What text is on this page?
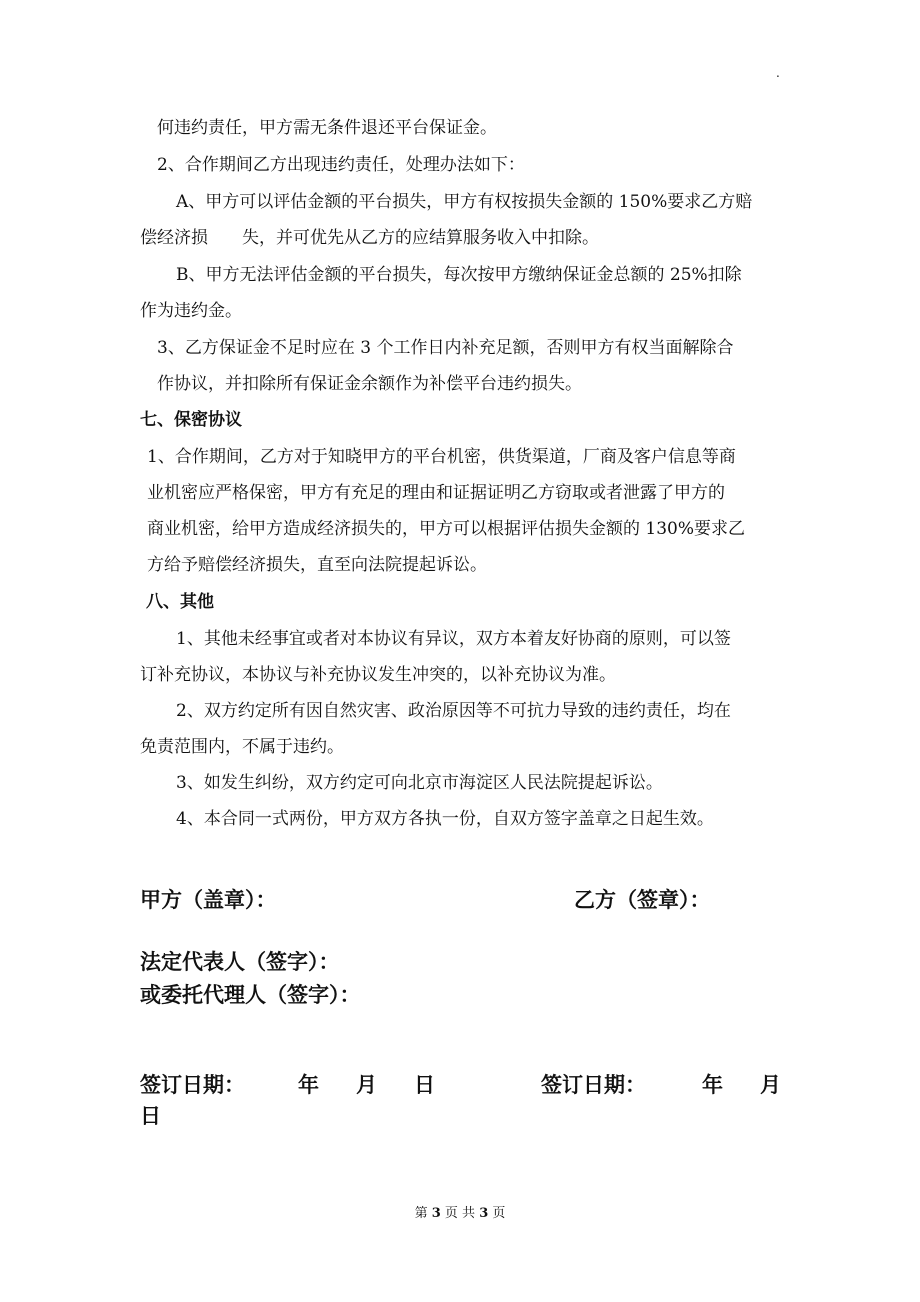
.
何违约责任，甲方需无条件退还平台保证金。
2、合作期间乙方出现违约责任，处理办法如下：
A、甲方可以评估金额的平台损失，甲方有权按损失金额的 150%要求乙方赔
偿经济损　　失，并可优先从乙方的应结算服务收入中扣除。
B、甲方无法评估金额的平台损失，每次按甲方缴纳保证金总额的 25%扣除
作为违约金。
3、乙方保证金不足时应在 3 个工作日内补充足额，否则甲方有权当面解除合
作协议，并扣除所有保证金余额作为补偿平台违约损失。
七、保密协议
1、合作期间，乙方对于知晓甲方的平台机密，供货渠道，厂商及客户信息等商
业机密应严格保密，甲方有充足的理由和证据证明乙方窃取或者泄露了甲方的
商业机密，给甲方造成经济损失的，甲方可以根据评估损失金额的 130%要求乙
方给予赔偿经济损失，直至向法院提起诉讼。
八、其他
1、其他未经事宜或者对本协议有异议，双方本着友好协商的原则，可以签
订补充协议，本协议与补充协议发生冲突的，以补充协议为准。
2、双方约定所有因自然灾害、政治原因等不可抗力导致的违约责任，均在
免责范围内，不属于违约。
3、如发生纠纷，双方约定可向北京市海淀区人民法院提起诉讼。
4、本合同一式两份，甲方双方各执一份，自双方签字盖章之日起生效。
甲方（盖章）：	乙方（签章）：
法定代表人（签字）：
或委托代理人（签字）：
签订日期：	年 月 日	签订日期：	年 月
日
第 3 页 共 3 页
